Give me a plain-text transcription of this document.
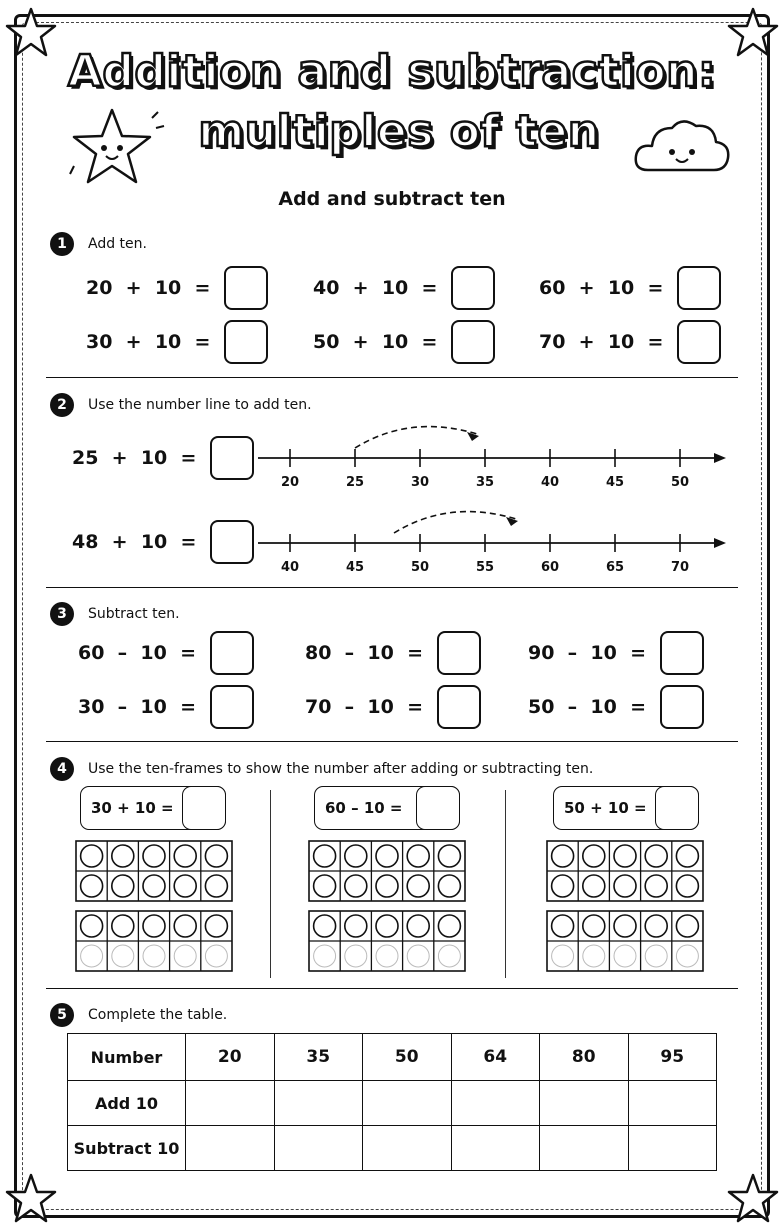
Addition and subtraction:
multiples of ten
Add and subtract ten
1	Add ten.
20  +  10  =	40  +  10  =	60  +  10  =
30  +  10  =	50  +  10  =	70  +  10  =
2	Use the number line to add ten.
25  +  10  =
48  +  10  =
20	25	30	35	40	45	50
40	45	50	55	60	65	70
3	Subtract ten.
60  –  10  =	80  –  10  =	90  –  10  =
30  –  10  =	70  –  10  =	50  –  10  =
4	Use the ten-frames to show the number after adding or subtracting ten.
30 + 10 =	60 – 10 =	50 + 10 =
5	Complete the table.
Number	20	35	50	64	80	95
Add 10						
Subtract 10						
